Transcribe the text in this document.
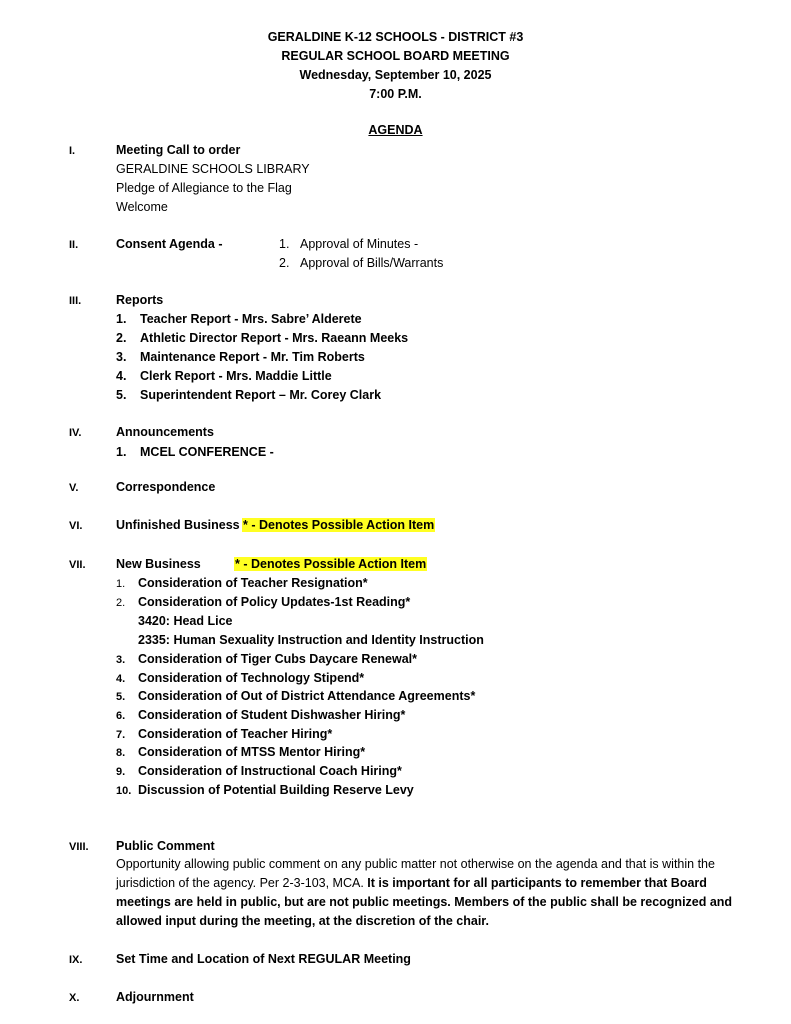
GERALDINE K-12 SCHOOLS - DISTRICT #3
REGULAR SCHOOL BOARD MEETING
Wednesday, September 10, 2025
7:00 P.M.
AGENDA
I.	Meeting Call to order
GERALDINE SCHOOLS LIBRARY
Pledge of Allegiance to the Flag
Welcome
II.	Consent Agenda -	1. Approval of Minutes -
2. Approval of Bills/Warrants
III.	Reports
1. Teacher Report - Mrs. Sabre’ Alderete
2. Athletic Director Report - Mrs. Raeann Meeks
3. Maintenance Report - Mr. Tim Roberts
4. Clerk Report - Mrs. Maddie Little
5. Superintendent Report – Mr. Corey Clark
IV.	Announcements
1. MCEL CONFERENCE -
V.	Correspondence
VI.	Unfinished Business * - Denotes Possible Action Item
VII. New Business	* - Denotes Possible Action Item
1. Consideration of Teacher Resignation*
2. Consideration of Policy Updates-1st Reading*
3420: Head Lice
2335: Human Sexuality Instruction and Identity Instruction
3. Consideration of Tiger Cubs Daycare Renewal*
4. Consideration of Technology Stipend*
5. Consideration of Out of District Attendance Agreements*
6. Consideration of Student Dishwasher Hiring*
7. Consideration of Teacher Hiring*
8. Consideration of MTSS Mentor Hiring*
9. Consideration of Instructional Coach Hiring*
10. Discussion of Potential Building Reserve Levy
VIII. Public Comment
Opportunity allowing public comment on any public matter not otherwise on the agenda and that is within the jurisdiction of the agency. Per 2-3-103, MCA. It is important for all participants to remember that Board meetings are held in public, but are not public meetings. Members of the public shall be recognized and allowed input during the meeting, at the discretion of the chair.
IX.	Set Time and Location of Next REGULAR Meeting
X.	Adjournment
